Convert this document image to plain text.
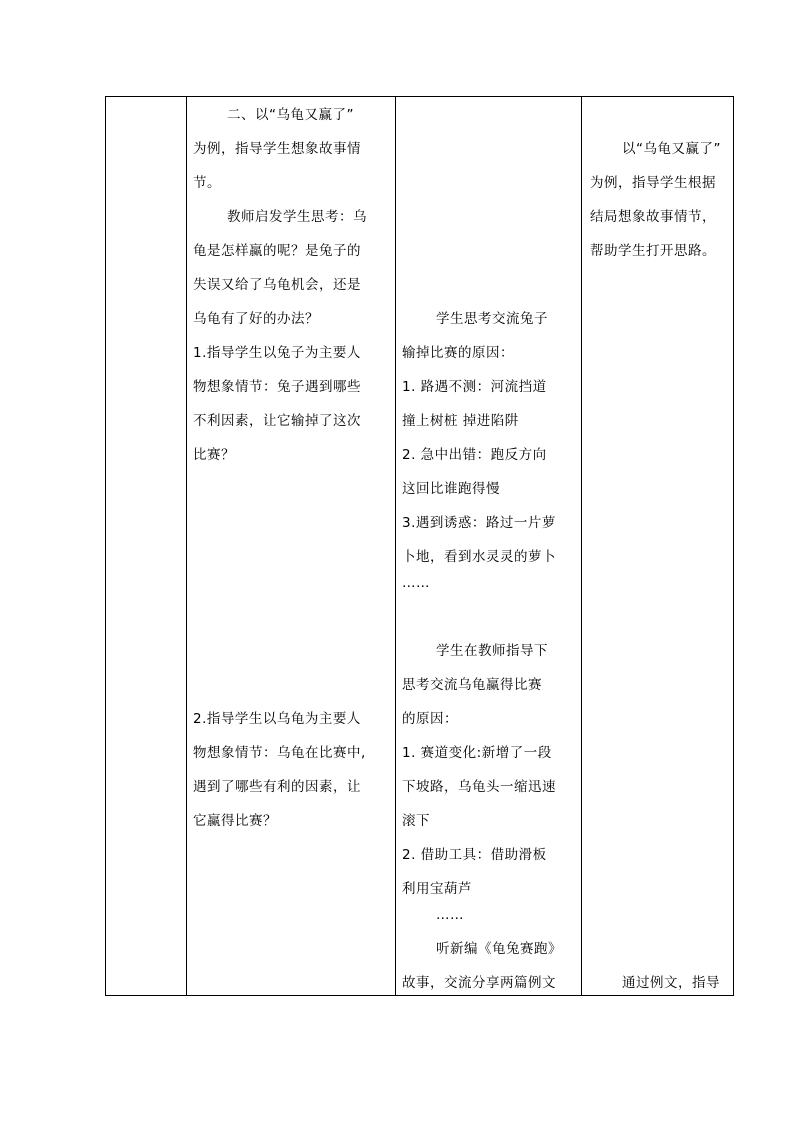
二、以“乌龟又赢了”
为例，指导学生想象故事情
节。
教师启发学生思考：乌
龟是怎样赢的呢？是兔子的
失误又给了乌龟机会，还是
乌龟有了好的办法？
1.指导学生以兔子为主要人
物想象情节：兔子遇到哪些
不利因素，让它输掉了这次
比赛？
2.指导学生以乌龟为主要人
物想象情节：乌龟在比赛中,
遇到了哪些有利的因素，让
它赢得比赛？
学生思考交流兔子
输掉比赛的原因：
1. 路遇不测：河流挡道
撞上树桩 掉进陷阱
2. 急中出错：跑反方向
这回比谁跑得慢
3.遇到诱惑：路过一片萝
卜地，看到水灵灵的萝卜
……
学生在教师指导下
思考交流乌龟赢得比赛
的原因：
1. 赛道变化:新增了一段
下坡路，乌龟头一缩迅速
滚下
2. 借助工具：借助滑板
利用宝葫芦
……
听新编《龟兔赛跑》
故事，交流分享两篇例文
以“乌龟又赢了”
为例，指导学生根据
结局想象故事情节，
帮助学生打开思路。
通过例文，指导
